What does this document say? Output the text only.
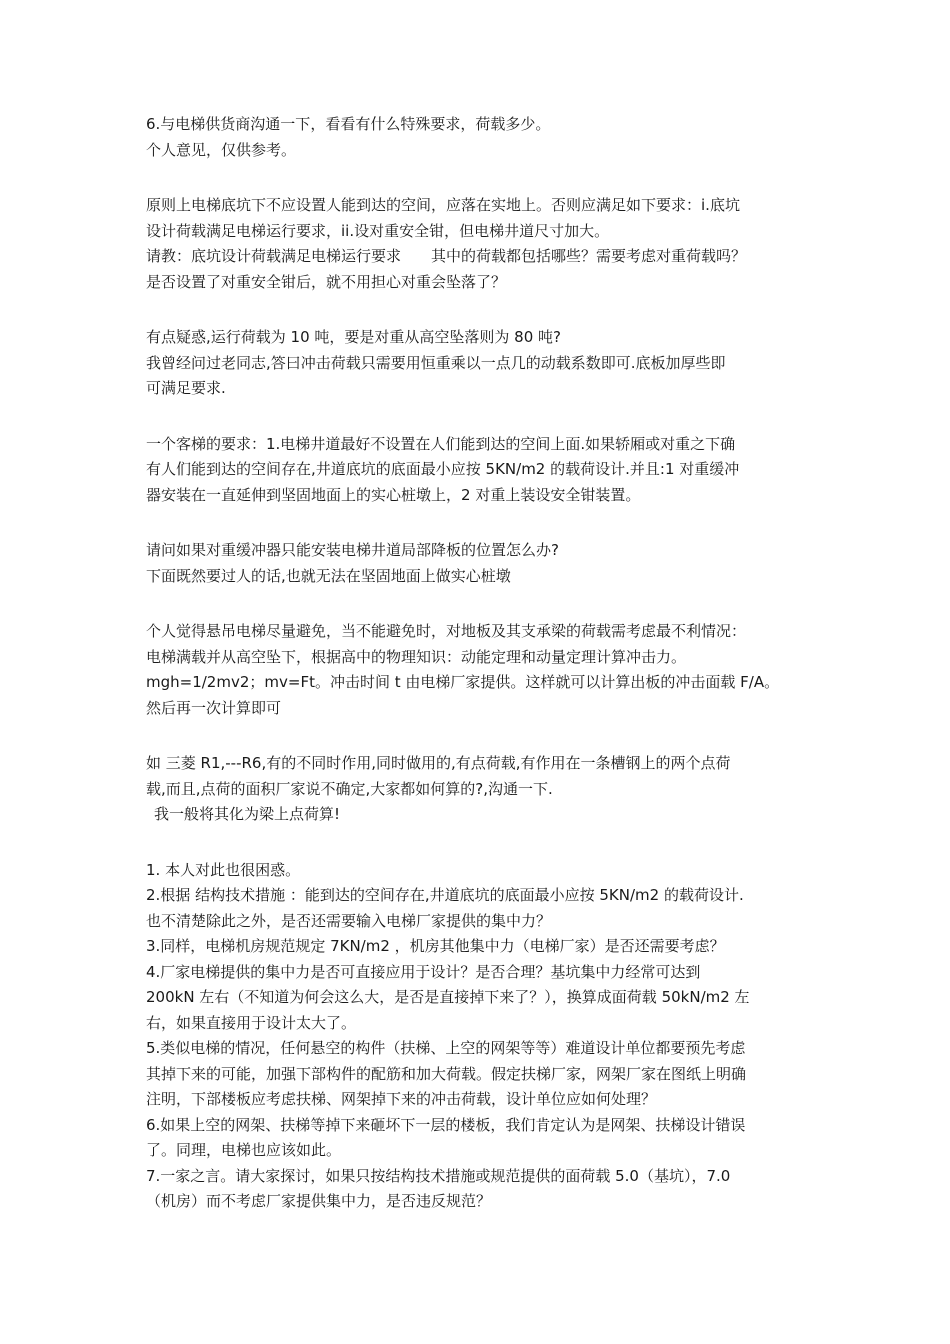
6.与电梯供货商沟通一下，看看有什么特殊要求，荷载多少。
个人意见，仅供参考。
原则上电梯底坑下不应设置人能到达的空间，应落在实地上。否则应满足如下要求：i.底坑
设计荷载满足电梯运行要求，ii.设对重安全钳，但电梯井道尺寸加大。
请教：底坑设计荷载满足电梯运行要求　　其中的荷载都包括哪些？需要考虑对重荷载吗？
是否设置了对重安全钳后，就不用担心对重会坠落了？
有点疑惑,运行荷载为 10 吨，要是对重从高空坠落则为 80 吨?
我曾经问过老同志,答曰冲击荷载只需要用恒重乘以一点几的动载系数即可.底板加厚些即
可满足要求.
一个客梯的要求：1.电梯井道最好不设置在人们能到达的空间上面.如果轿厢或对重之下确
有人们能到达的空间存在,井道底坑的底面最小应按 5KN/m2 的载荷设计.并且:1 对重缓冲
器安装在一直延伸到坚固地面上的实心桩墩上，2 对重上装设安全钳装置。
请问如果对重缓冲器只能安装电梯井道局部降板的位置怎么办?
下面既然要过人的话,也就无法在坚固地面上做实心桩墩
个人觉得悬吊电梯尽量避免，当不能避免时，对地板及其支承梁的荷载需考虑最不利情况：
电梯满载并从高空坠下，根据高中的物理知识：动能定理和动量定理计算冲击力。
mgh=1/2mv2；mv=Ft。冲击时间 t 由电梯厂家提供。这样就可以计算出板的冲击面载 F/A。
然后再一次计算即可
如 三菱 R1,---R6,有的不同时作用,同时做用的,有点荷载,有作用在一条槽钢上的两个点荷
载,而且,点荷的面积厂家说不确定,大家都如何算的?,沟通一下.
我一般将其化为梁上点荷算!
1. 本人对此也很困惑。
2.根据 结构技术措施 ：能到达的空间存在,井道底坑的底面最小应按 5KN/m2 的载荷设计.
也不清楚除此之外，是否还需要输入电梯厂家提供的集中力？
3.同样，电梯机房规范规定 7KN/m2 ，机房其他集中力（电梯厂家）是否还需要考虑？
4.厂家电梯提供的集中力是否可直接应用于设计？是否合理？基坑集中力经常可达到
200kN 左右（不知道为何会这么大，是否是直接掉下来了？），换算成面荷载 50kN/m2 左
右，如果直接用于设计太大了。
5.类似电梯的情况，任何悬空的构件（扶梯、上空的网架等等）难道设计单位都要预先考虑
其掉下来的可能，加强下部构件的配筋和加大荷载。假定扶梯厂家，网架厂家在图纸上明确
注明，下部楼板应考虑扶梯、网架掉下来的冲击荷载，设计单位应如何处理？
6.如果上空的网架、扶梯等掉下来砸坏下一层的楼板，我们肯定认为是网架、扶梯设计错误
了。同理，电梯也应该如此。
7.一家之言。请大家探讨，如果只按结构技术措施或规范提供的面荷载 5.0（基坑），7.0
（机房）而不考虑厂家提供集中力，是否违反规范？
